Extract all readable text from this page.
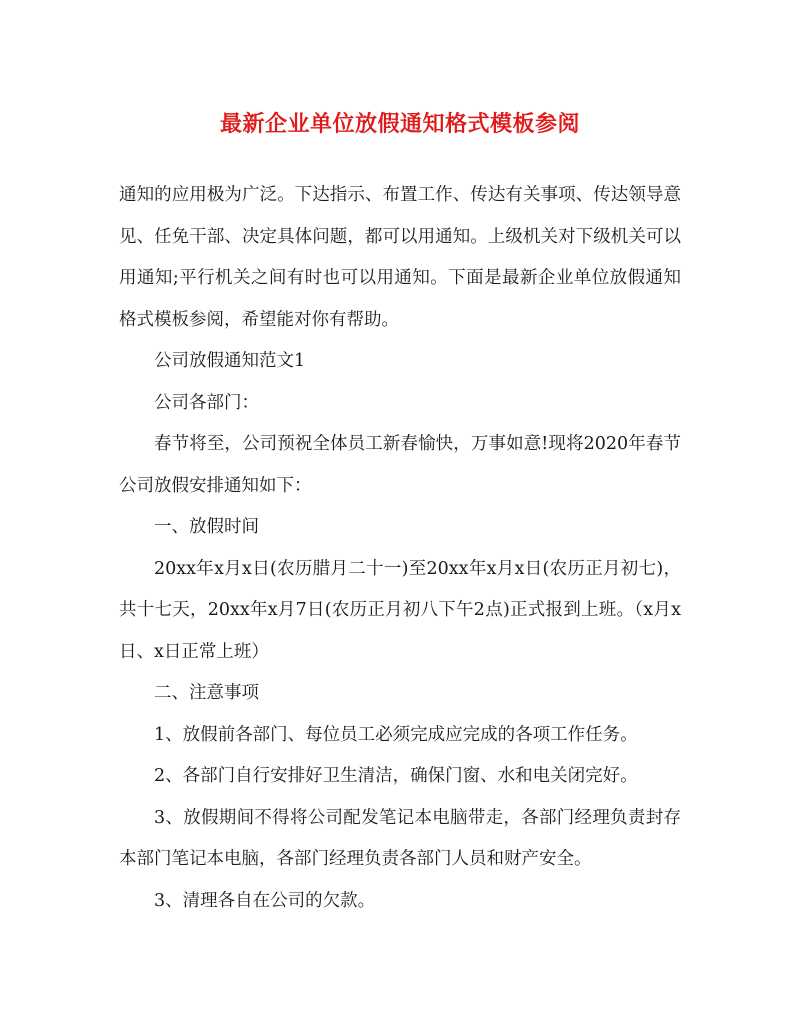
最新企业单位放假通知格式模板参阅

通知的应用极为广泛。下达指示、布置工作、传达有关事项、传达领导意见、任免干部、决定具体问题，都可以用通知。上级机关对下级机关可以用通知;平行机关之间有时也可以用通知。下面是最新企业单位放假通知格式模板参阅，希望能对你有帮助。

公司放假通知范文1

公司各部门：

春节将至，公司预祝全体员工新春愉快，万事如意!现将2020年春节公司放假安排通知如下：

一、放假时间

20xx年x月x日(农历腊月二十一)至20xx年x月x日(农历正月初七)，共十七天，20xx年x月7日(农历正月初八下午2点)正式报到上班。（x月x日、x日正常上班）

二、注意事项

1、放假前各部门、每位员工必须完成应完成的各项工作任务。

2、各部门自行安排好卫生清洁，确保门窗、水和电关闭完好。

3、放假期间不得将公司配发笔记本电脑带走，各部门经理负责封存本部门笔记本电脑，各部门经理负责各部门人员和财产安全。

3、清理各自在公司的欠款。
